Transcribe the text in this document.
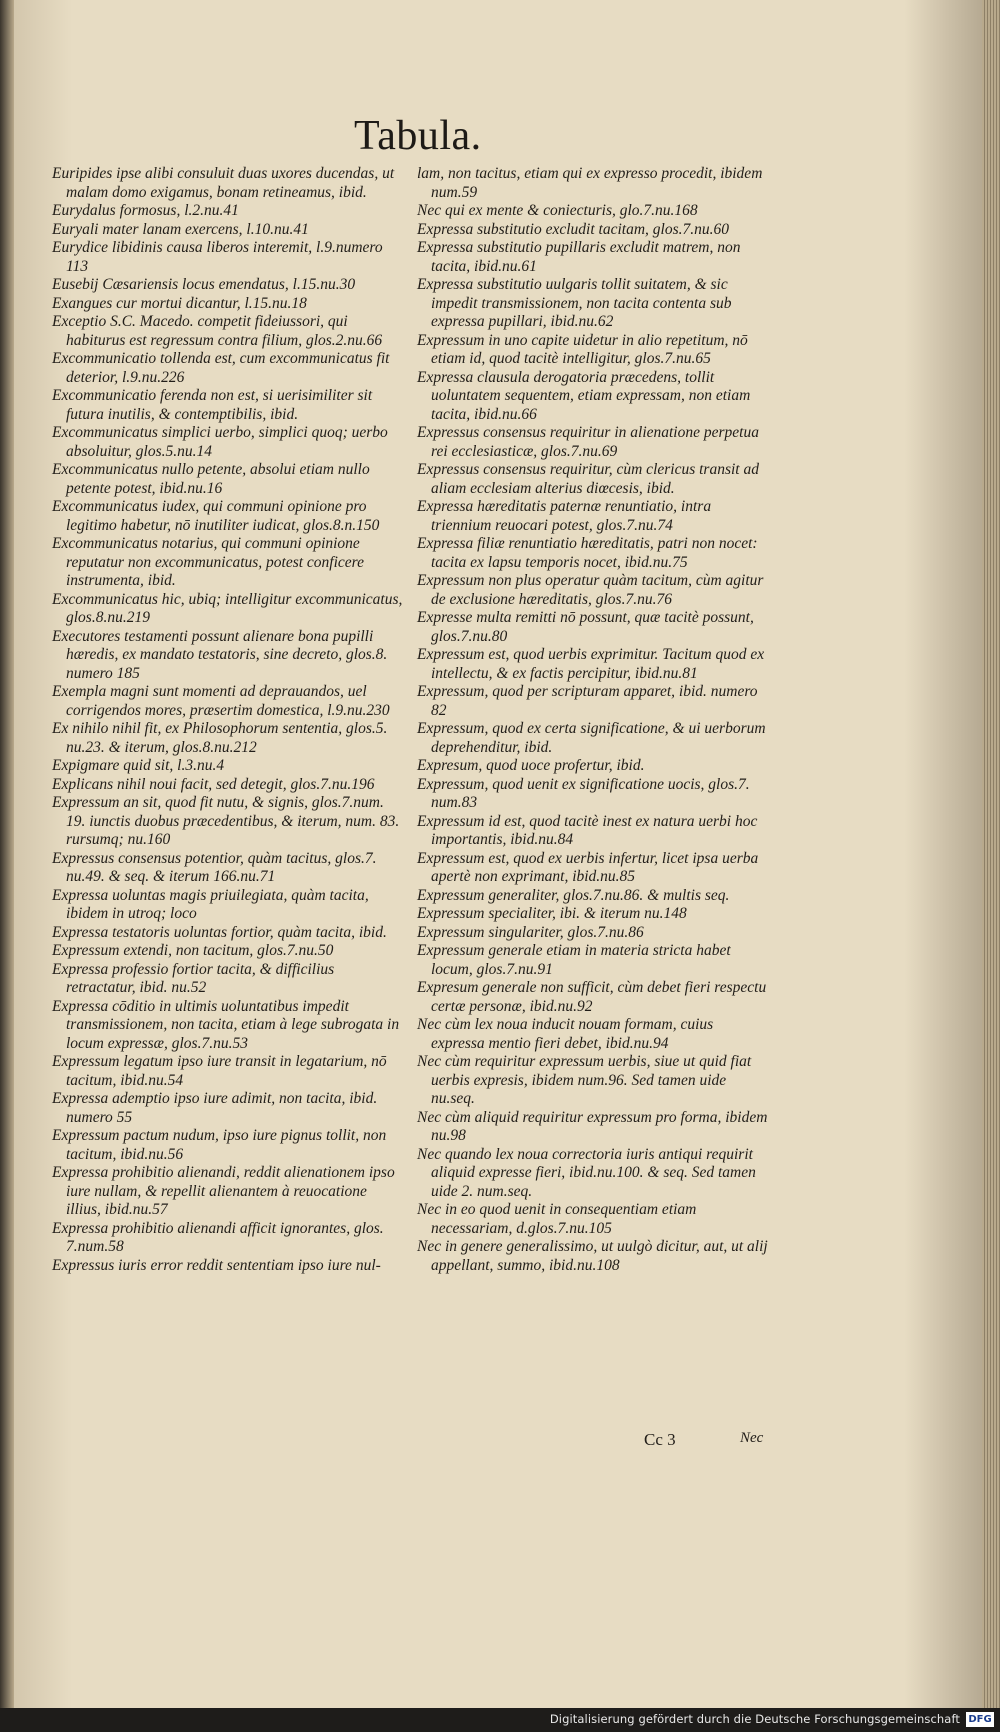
Tabula.
Euripides ipse alibi consuluit duas uxores ducendas, ut malam domo exigamus, bonam retineamus, ibid.
Eurydalus formosus, l.2.nu.41
Euryali mater lanam exercens, l.10.nu.41
Eurydice libidinis causa liberos interemit, l.9.numero 113
Eusebij Cæsariensis locus emendatus, l.15.nu.30
Exangues cur mortui dicantur, l.15.nu.18
Exceptio S.C. Macedo. competit fideiussori, qui habiturus est regressum contra filium, glos.2.nu.66
Excommunicatio tollenda est, cum excommunicatus fit deterior, l.9.nu.226
Excommunicatio ferenda non est, si uerisimiliter sit futura inutilis, & contemptibilis, ibid.
Excommunicatus simplici uerbo, simplici quoq; uerbo absoluitur, glos.5.nu.14
Excommunicatus nullo petente, absolui etiam nullo petente potest, ibid.nu.16
Excommunicatus iudex, qui communi opinione pro legitimo habetur, nō inutiliter iudicat, glos.8.n.150
Excommunicatus notarius, qui communi opinione reputatur non excommunicatus, potest conficere instrumenta, ibid.
Excommunicatus hic, ubiq; intelligitur excommunicatus, glos.8.nu.219
Executores testamenti possunt alienare bona pupilli hæredis, ex mandato testatoris, sine decreto, glos.8. numero 185
Exempla magni sunt momenti ad deprauandos, uel corrigendos mores, præsertim domestica, l.9.nu.230
Ex nihilo nihil fit, ex Philosophorum sententia, glos.5. nu.23. & iterum, glos.8.nu.212
Expigmare quid sit, l.3.nu.4
Explicans nihil noui facit, sed detegit, glos.7.nu.196
Expressum an sit, quod fit nutu, & signis, glos.7.num. 19. iunctis duobus præcedentibus, & iterum, num. 83. rursumq; nu.160
Expressus consensus potentior, quàm tacitus, glos.7. nu.49. & seq. & iterum 166.nu.71
Expressa uoluntas magis priuilegiata, quàm tacita, ibidem in utroq; loco
Expressa testatoris uoluntas fortior, quàm tacita, ibid.
Expressum extendi, non tacitum, glos.7.nu.50
Expressa professio fortior tacita, & difficilius retractatur, ibid. nu.52
Expressa cōditio in ultimis uoluntatibus impedit transmissionem, non tacita, etiam à lege subrogata in locum expressæ, glos.7.nu.53
Expressum legatum ipso iure transit in legatarium, nō tacitum, ibid.nu.54
Expressa ademptio ipso iure adimit, non tacita, ibid. numero 55
Expressum pactum nudum, ipso iure pignus tollit, non tacitum, ibid.nu.56
Expressa prohibitio alienandi, reddit alienationem ipso iure nullam, & repellit alienantem à reuocatione illius, ibid.nu.57
Expressa prohibitio alienandi afficit ignorantes, glos. 7.num.58
Expressus iuris error reddit sententiam ipso iure nul-
lam, non tacitus, etiam qui ex expresso procedit, ibidem num.59
Nec qui ex mente & coniecturis, glo.7.nu.168
Expressa substitutio excludit tacitam, glos.7.nu.60
Expressa substitutio pupillaris excludit matrem, non tacita, ibid.nu.61
Expressa substitutio uulgaris tollit suitatem, & sic impedit transmissionem, non tacita contenta sub expressa pupillari, ibid.nu.62
Expressum in uno capite uidetur in alio repetitum, nō etiam id, quod tacitè intelligitur, glos.7.nu.65
Expressa clausula derogatoria præcedens, tollit uoluntatem sequentem, etiam expressam, non etiam tacita, ibid.nu.66
Expressus consensus requiritur in alienatione perpetua rei ecclesiasticæ, glos.7.nu.69
Expressus consensus requiritur, cùm clericus transit ad aliam ecclesiam alterius diœcesis, ibid.
Expressa hæreditatis paternæ renuntiatio, intra triennium reuocari potest, glos.7.nu.74
Expressa filiæ renuntiatio hæreditatis, patri non nocet: tacita ex lapsu temporis nocet, ibid.nu.75
Expressum non plus operatur quàm tacitum, cùm agitur de exclusione hæreditatis, glos.7.nu.76
Expresse multa remitti nō possunt, quæ tacitè possunt, glos.7.nu.80
Expressum est, quod uerbis exprimitur. Tacitum quod ex intellectu, & ex factis percipitur, ibid.nu.81
Expressum, quod per scripturam apparet, ibid. numero 82
Expressum, quod ex certa significatione, & ui uerborum deprehenditur, ibid.
Expresum, quod uoce profertur, ibid.
Expressum, quod uenit ex significatione uocis, glos.7. num.83
Expressum id est, quod tacitè inest ex natura uerbi hoc importantis, ibid.nu.84
Expressum est, quod ex uerbis infertur, licet ipsa uerba apertè non exprimant, ibid.nu.85
Expressum generaliter, glos.7.nu.86. & multis seq.
Expressum specialiter, ibi. & iterum nu.148
Expressum singulariter, glos.7.nu.86
Expressum generale etiam in materia stricta habet locum, glos.7.nu.91
Expresum generale non sufficit, cùm debet fieri respectu certæ personæ, ibid.nu.92
Nec cùm lex noua inducit nouam formam, cuius expressa mentio fieri debet, ibid.nu.94
Nec cùm requiritur expressum uerbis, siue ut quid fiat uerbis expresis, ibidem num.96. Sed tamen uide nu.seq.
Nec cùm aliquid requiritur expressum pro forma, ibidem nu.98
Nec quando lex noua correctoria iuris antiqui requirit aliquid expresse fieri, ibid.nu.100. & seq. Sed tamen uide 2. num.seq.
Nec in eo quod uenit in consequentiam etiam necessariam, d.glos.7.nu.105
Nec in genere generalissimo, ut uulgò dicitur, aut, ut alij appellant, summo, ibid.nu.108
Cc 3	Nec
Digitalisierung gefördert durch die Deutsche Forschungsgemeinschaft DFG
